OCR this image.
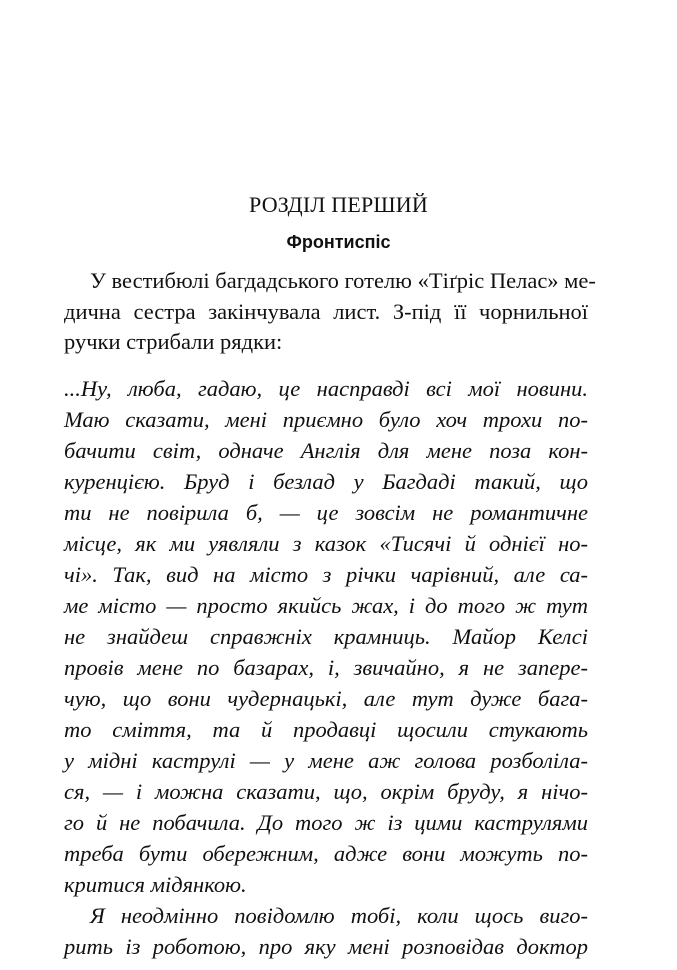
РОЗДІЛ ПЕРШИЙ
Фронтиспіс
У вестибюлі багдадського готелю «Тіґріс Пелас» ме-
дична сестра закінчувала лист. З-під її чорнильної
ручки стрибали рядки:
...Ну, люба, гадаю, це насправді всі мої новини.
Маю сказати, мені приємно було хоч трохи по-
бачити світ, одначе Англія для мене поза кон-
куренцією. Бруд і безлад у Багдаді такий, що
ти не повірила б, — це зовсім не романтичне
місце, як ми уявляли з казок «Тисячі й однієї но-
чі». Так, вид на місто з річки чарівний, але са-
ме місто — просто якийсь жах, і до того ж тут
не знайдеш справжніх крамниць. Майор Келсі
провів мене по базарах, і, звичайно, я не запере-
чую, що вони чудернацькі, але тут дуже бага-
то сміття, та й продавці щосили стукають
у мідні каструлі — у мене аж голова розболіла-
ся, — і можна сказати, що, окрім бруду, я нічо-
го й не побачила. До того ж із цими каструлями
треба бути обережним, адже вони можуть по-
критися мідянкою.
Я неодмінно повідомлю тобі, коли щось виго-
рить із роботою, про яку мені розповідав доктор
